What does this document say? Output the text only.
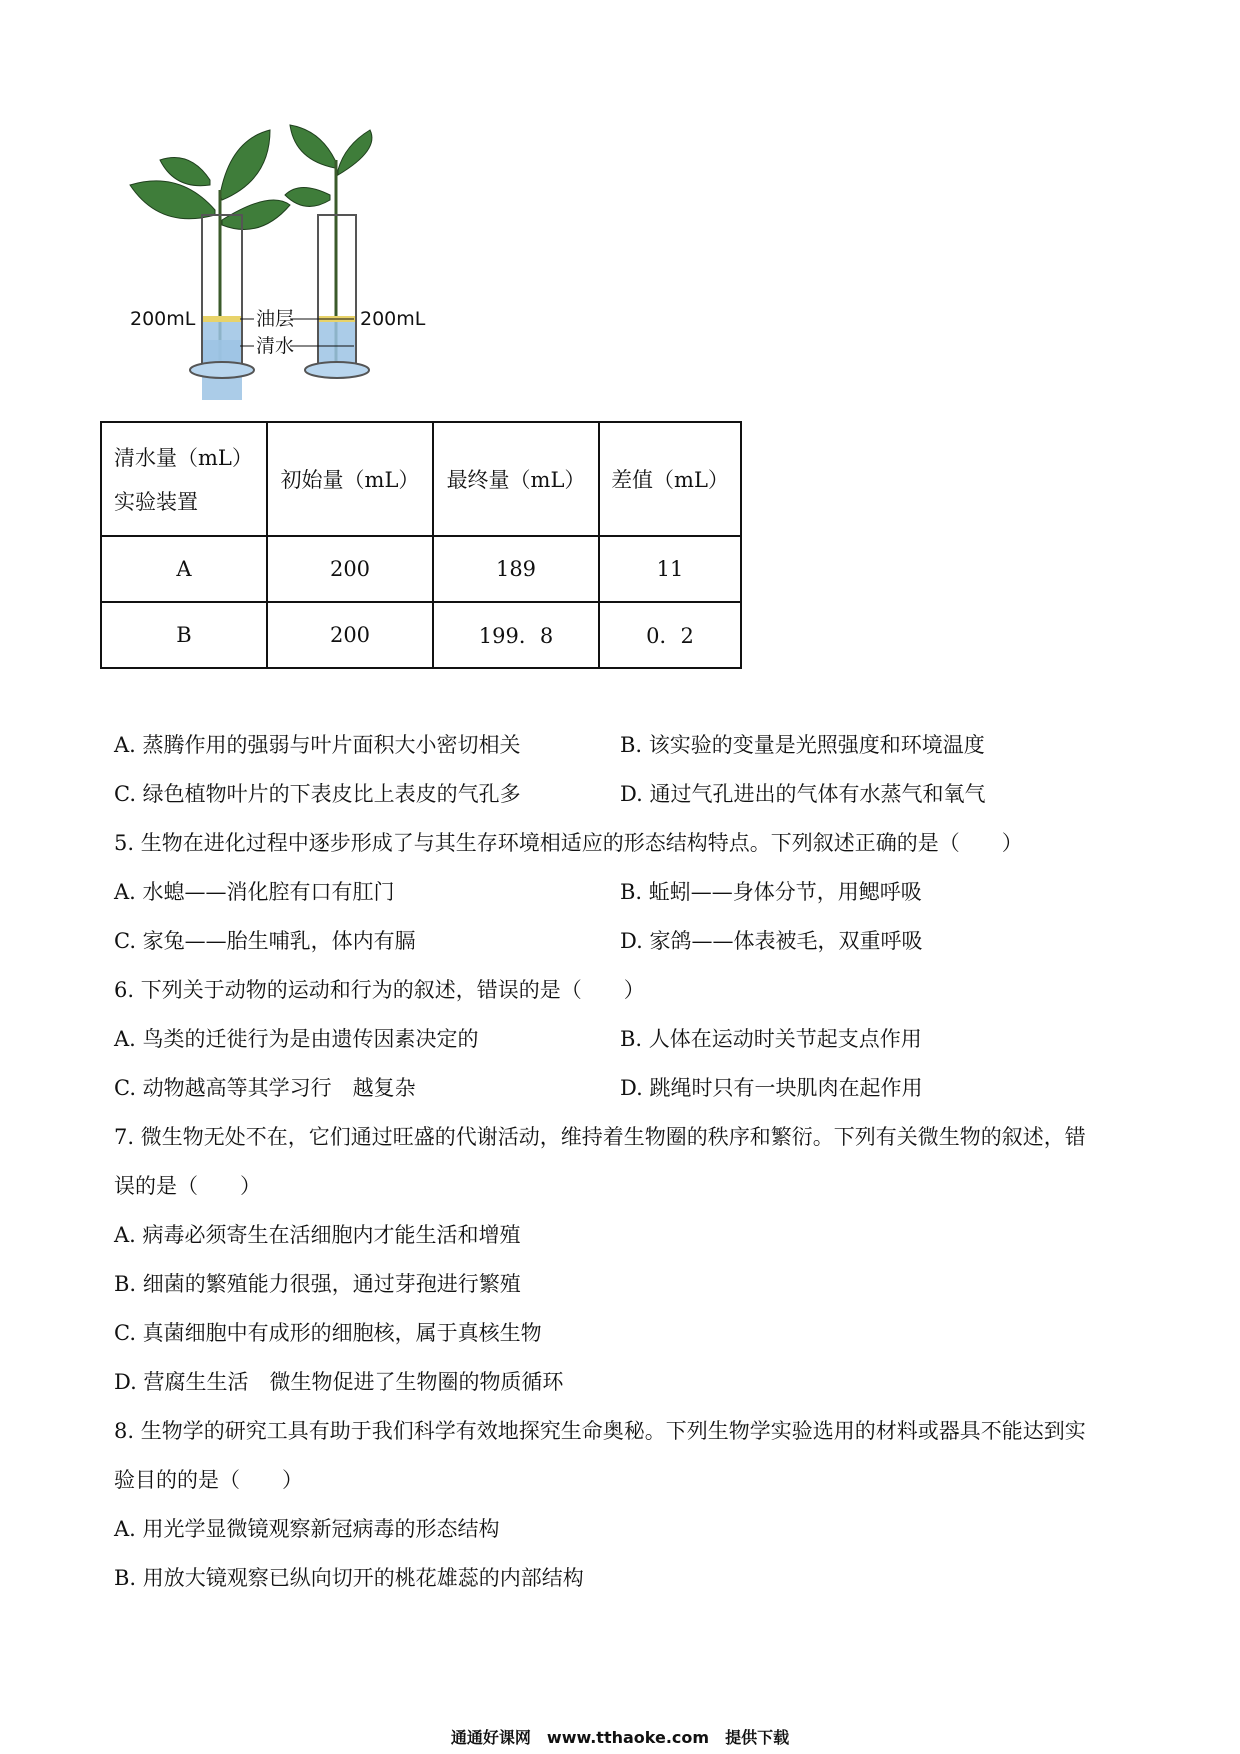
200mL	200mL
油层
清水
清水量（mL）
实验装置	初始量（mL）	最终量（mL）	差值（mL）
A	200	189	11
B	200	199．8	0．2
A. 蒸腾作用的强弱与叶片面积大小密切相关	B. 该实验的变量是光照强度和环境温度
C. 绿色植物叶片的下表皮比上表皮的气孔多	D. 通过气孔进出的气体有水蒸气和氧气
5. 生物在进化过程中逐步形成了与其生存环境相适应的形态结构特点。下列叙述正确的是（　　）
A. 水螅——消化腔有口有肛门	B. 蚯蚓——身体分节，用鳃呼吸
C. 家兔——胎生哺乳，体内有膈	D. 家鸽——体表被毛，双重呼吸
6. 下列关于动物的运动和行为的叙述，错误的是（　　）
A. 鸟类的迁徙行为是由遗传因素决定的	B. 人体在运动时关节起支点作用
C. 动物越高等其学习行　越复杂	D. 跳绳时只有一块肌肉在起作用
7. 微生物无处不在，它们通过旺盛的代谢活动，维持着生物圈的秩序和繁衍。下列有关微生物的叙述，错
误的是（　　）
A. 病毒必须寄生在活细胞内才能生活和增殖
B. 细菌的繁殖能力很强，通过芽孢进行繁殖
C. 真菌细胞中有成形的细胞核，属于真核生物
D. 营腐生生活　微生物促进了生物圈的物质循环
8. 生物学的研究工具有助于我们科学有效地探究生命奥秘。下列生物学实验选用的材料或器具不能达到实
验目的的是（　　）
A. 用光学显微镜观察新冠病毒的形态结构
B. 用放大镜观察已纵向切开的桃花雄蕊的内部结构
通通好课网　www.tthaoke.com　提供下载
